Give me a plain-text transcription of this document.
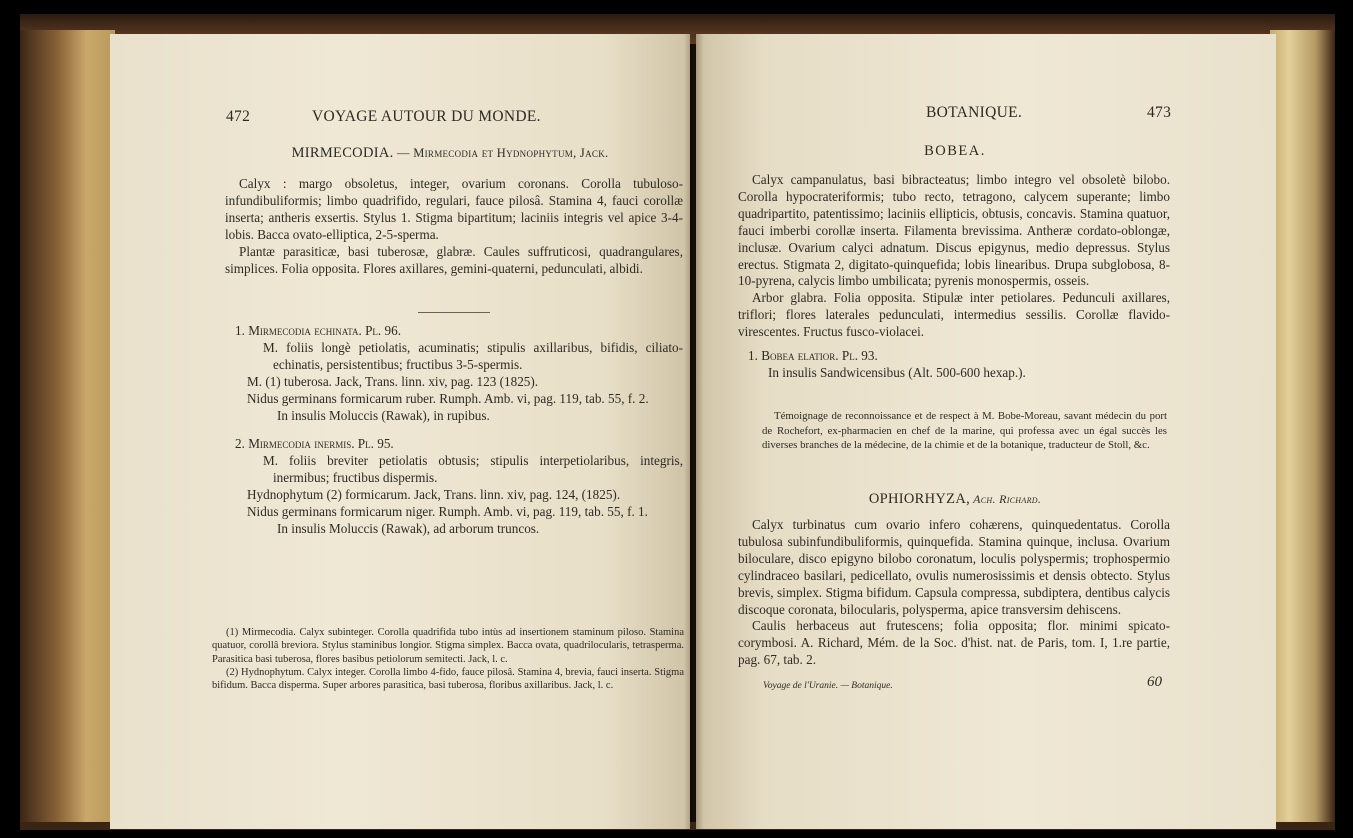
472	VOYAGE AUTOUR DU MONDE.
MIRMECODIA. — Mirmecodia et Hydnophytum, Jack.

Calyx : margo obsoletus, integer, ovarium coronans. Corolla tubuloso-infundibuliformis; limbo quadrifido, regulari, fauce pilosâ. Stamina 4, fauci corollæ inserta; antheris exsertis. Stylus 1. Stigma bipartitum; laciniis integris vel apice 3-4-lobis. Bacca ovato-elliptica, 2-5-sperma.

Plantæ parasiticæ, basi tuberosæ, glabræ. Caules suffruticosi, quadrangulares, simplices. Folia opposita. Flores axillares, gemini-quaterni, pedunculati, albidi.

1. Mirmecodia echinata. Pl. 96.

M. foliis longè petiolatis, acuminatis; stipulis axillaribus, bifidis, ciliato-echinatis, persistentibus; fructibus 3-5-spermis.

M. (1) tuberosa. Jack, Trans. linn. xiv, pag. 123 (1825).

Nidus germinans formicarum ruber. Rumph. Amb. vi, pag. 119, tab. 55, f. 2.

In insulis Moluccis (Rawak), in rupibus.

2. Mirmecodia inermis. Pl. 95.

M. foliis breviter petiolatis obtusis; stipulis interpetiolaribus, integris, inermibus; fructibus dispermis.

Hydnophytum (2) formicarum. Jack, Trans. linn. xiv, pag. 124, (1825).

Nidus germinans formicarum niger. Rumph. Amb. vi, pag. 119, tab. 55, f. 1.

In insulis Moluccis (Rawak), ad arborum truncos.

(1) Mirmecodia. Calyx subinteger. Corolla quadrifida tubo intùs ad insertionem staminum piloso. Stamina quatuor, corollâ breviora. Stylus staminibus longior. Stigma simplex. Bacca ovata, quadrilocularis, tetrasperma. Parasitica basi tuberosa, flores basibus petiolorum semitecti. Jack, l. c.

(2) Hydnophytum. Calyx integer. Corolla limbo 4-fido, fauce pilosâ. Stamina 4, brevia, fauci inserta. Stigma bifidum. Bacca disperma. Super arbores parasitica, basi tuberosa, floribus axillaribus. Jack, l. c.

BOTANIQUE.	473
BOBEA.

Calyx campanulatus, basi bibracteatus; limbo integro vel obsoletè bilobo. Corolla hypocrateriformis; tubo recto, tetragono, calycem superante; limbo quadripartito, patentissimo; laciniis ellipticis, obtusis, concavis. Stamina quatuor, fauci imberbi corollæ inserta. Filamenta brevissima. Antheræ cordato-oblongæ, inclusæ. Ovarium calyci adnatum. Discus epigynus, medio depressus. Stylus erectus. Stigmata 2, digitato-quinquefida; lobis linearibus. Drupa subglobosa, 8-10-pyrena, calycis limbo umbilicata; pyrenis monospermis, osseis.

Arbor glabra. Folia opposita. Stipulæ inter petiolares. Pedunculi axillares, triflori; flores laterales pedunculati, intermedius sessilis. Corollæ flavido-virescentes. Fructus fusco-violacei.

1. Bobea elatior. Pl. 93.

In insulis Sandwicensibus (Alt. 500-600 hexap.).

Témoignage de reconnoissance et de respect à M. Bobe-Moreau, savant médecin du port de Rochefort, ex-pharmacien en chef de la marine, qui professa avec un égal succès les diverses branches de la médecine, de la chimie et de la botanique, traducteur de Stoll, &c.
OPHIORHYZA, Ach. Richard.

Calyx turbinatus cum ovario infero cohærens, quinquedentatus. Corolla tubulosa subinfundibuliformis, quinquefida. Stamina quinque, inclusa. Ovarium biloculare, disco epigyno bilobo coronatum, loculis polyspermis; trophospermio cylindraceo basilari, pedicellato, ovulis numerosissimis et densis obtecto. Stylus brevis, simplex. Stigma bifidum. Capsula compressa, subdiptera, dentibus calycis discoque coronata, bilocularis, polysperma, apice transversim dehiscens.

Caulis herbaceus aut frutescens; folia opposita; flor. minimi spicato-corymbosi. A. Richard, Mém. de la Soc. d'hist. nat. de Paris, tom. I, 1.re partie, pag. 67, tab. 2.

Voyage de l'Uranie. — Botanique.	60
